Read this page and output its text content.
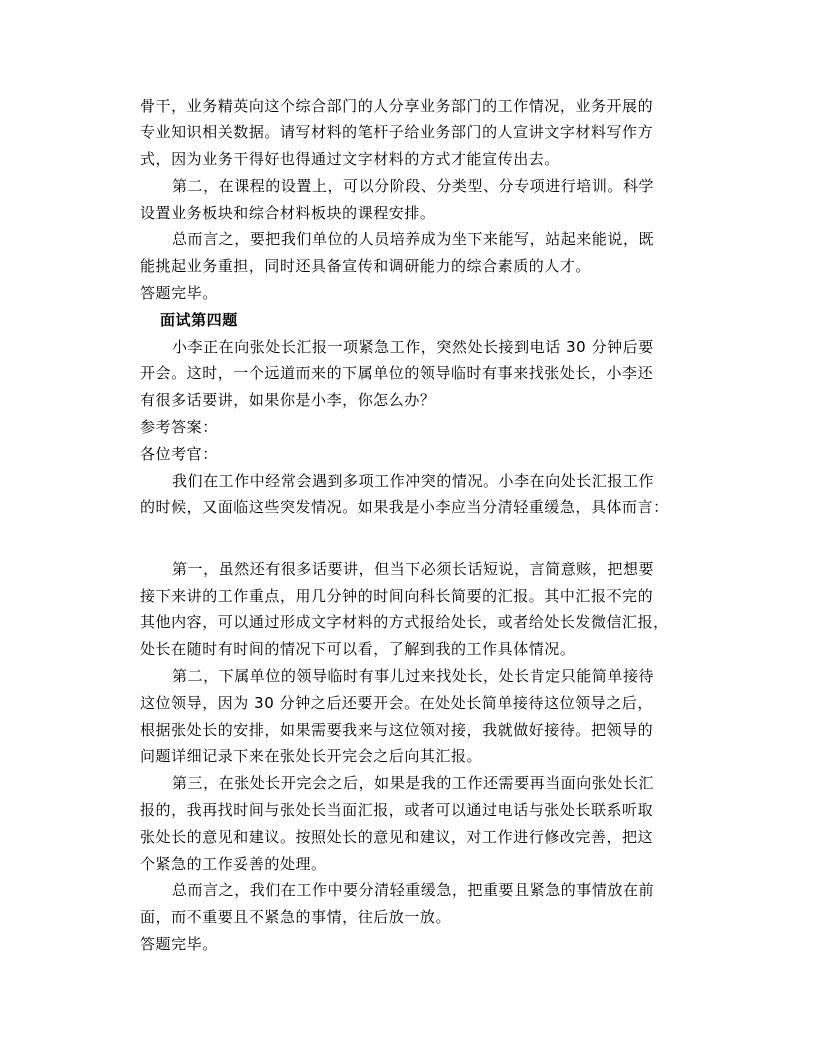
骨干，业务精英向这个综合部门的人分享业务部门的工作情况，业务开展的
专业知识相关数据。请写材料的笔杆子给业务部门的人宣讲文字材料写作方
式，因为业务干得好也得通过文字材料的方式才能宣传出去。
第二，在课程的设置上，可以分阶段、分类型、分专项进行培训。科学
设置业务板块和综合材料板块的课程安排。
总而言之，要把我们单位的人员培养成为坐下来能写，站起来能说，既
能挑起业务重担，同时还具备宣传和调研能力的综合素质的人才。
答题完毕。
面试第四题
小李正在向张处长汇报一项紧急工作，突然处长接到电话 30 分钟后要
开会。这时，一个远道而来的下属单位的领导临时有事来找张处长，小李还
有很多话要讲，如果你是小李，你怎么办？
参考答案：
各位考官：
我们在工作中经常会遇到多项工作冲突的情况。小李在向处长汇报工作
的时候，又面临这些突发情况。如果我是小李应当分清轻重缓急，具体而言：
第一，虽然还有很多话要讲，但当下必须长话短说，言简意赅，把想要
接下来讲的工作重点，用几分钟的时间向科长简要的汇报。其中汇报不完的
其他内容，可以通过形成文字材料的方式报给处长，或者给处长发微信汇报，
处长在随时有时间的情况下可以看，了解到我的工作具体情况。
第二，下属单位的领导临时有事儿过来找处长，处长肯定只能简单接待
这位领导，因为 30 分钟之后还要开会。在处处长简单接待这位领导之后，
根据张处长的安排，如果需要我来与这位领对接，我就做好接待。把领导的
问题详细记录下来在张处长开完会之后向其汇报。
第三，在张处长开完会之后，如果是我的工作还需要再当面向张处长汇
报的，我再找时间与张处长当面汇报，或者可以通过电话与张处长联系听取
张处长的意见和建议。按照处长的意见和建议，对工作进行修改完善，把这
个紧急的工作妥善的处理。
总而言之，我们在工作中要分清轻重缓急，把重要且紧急的事情放在前
面，而不重要且不紧急的事情，往后放一放。
答题完毕。
